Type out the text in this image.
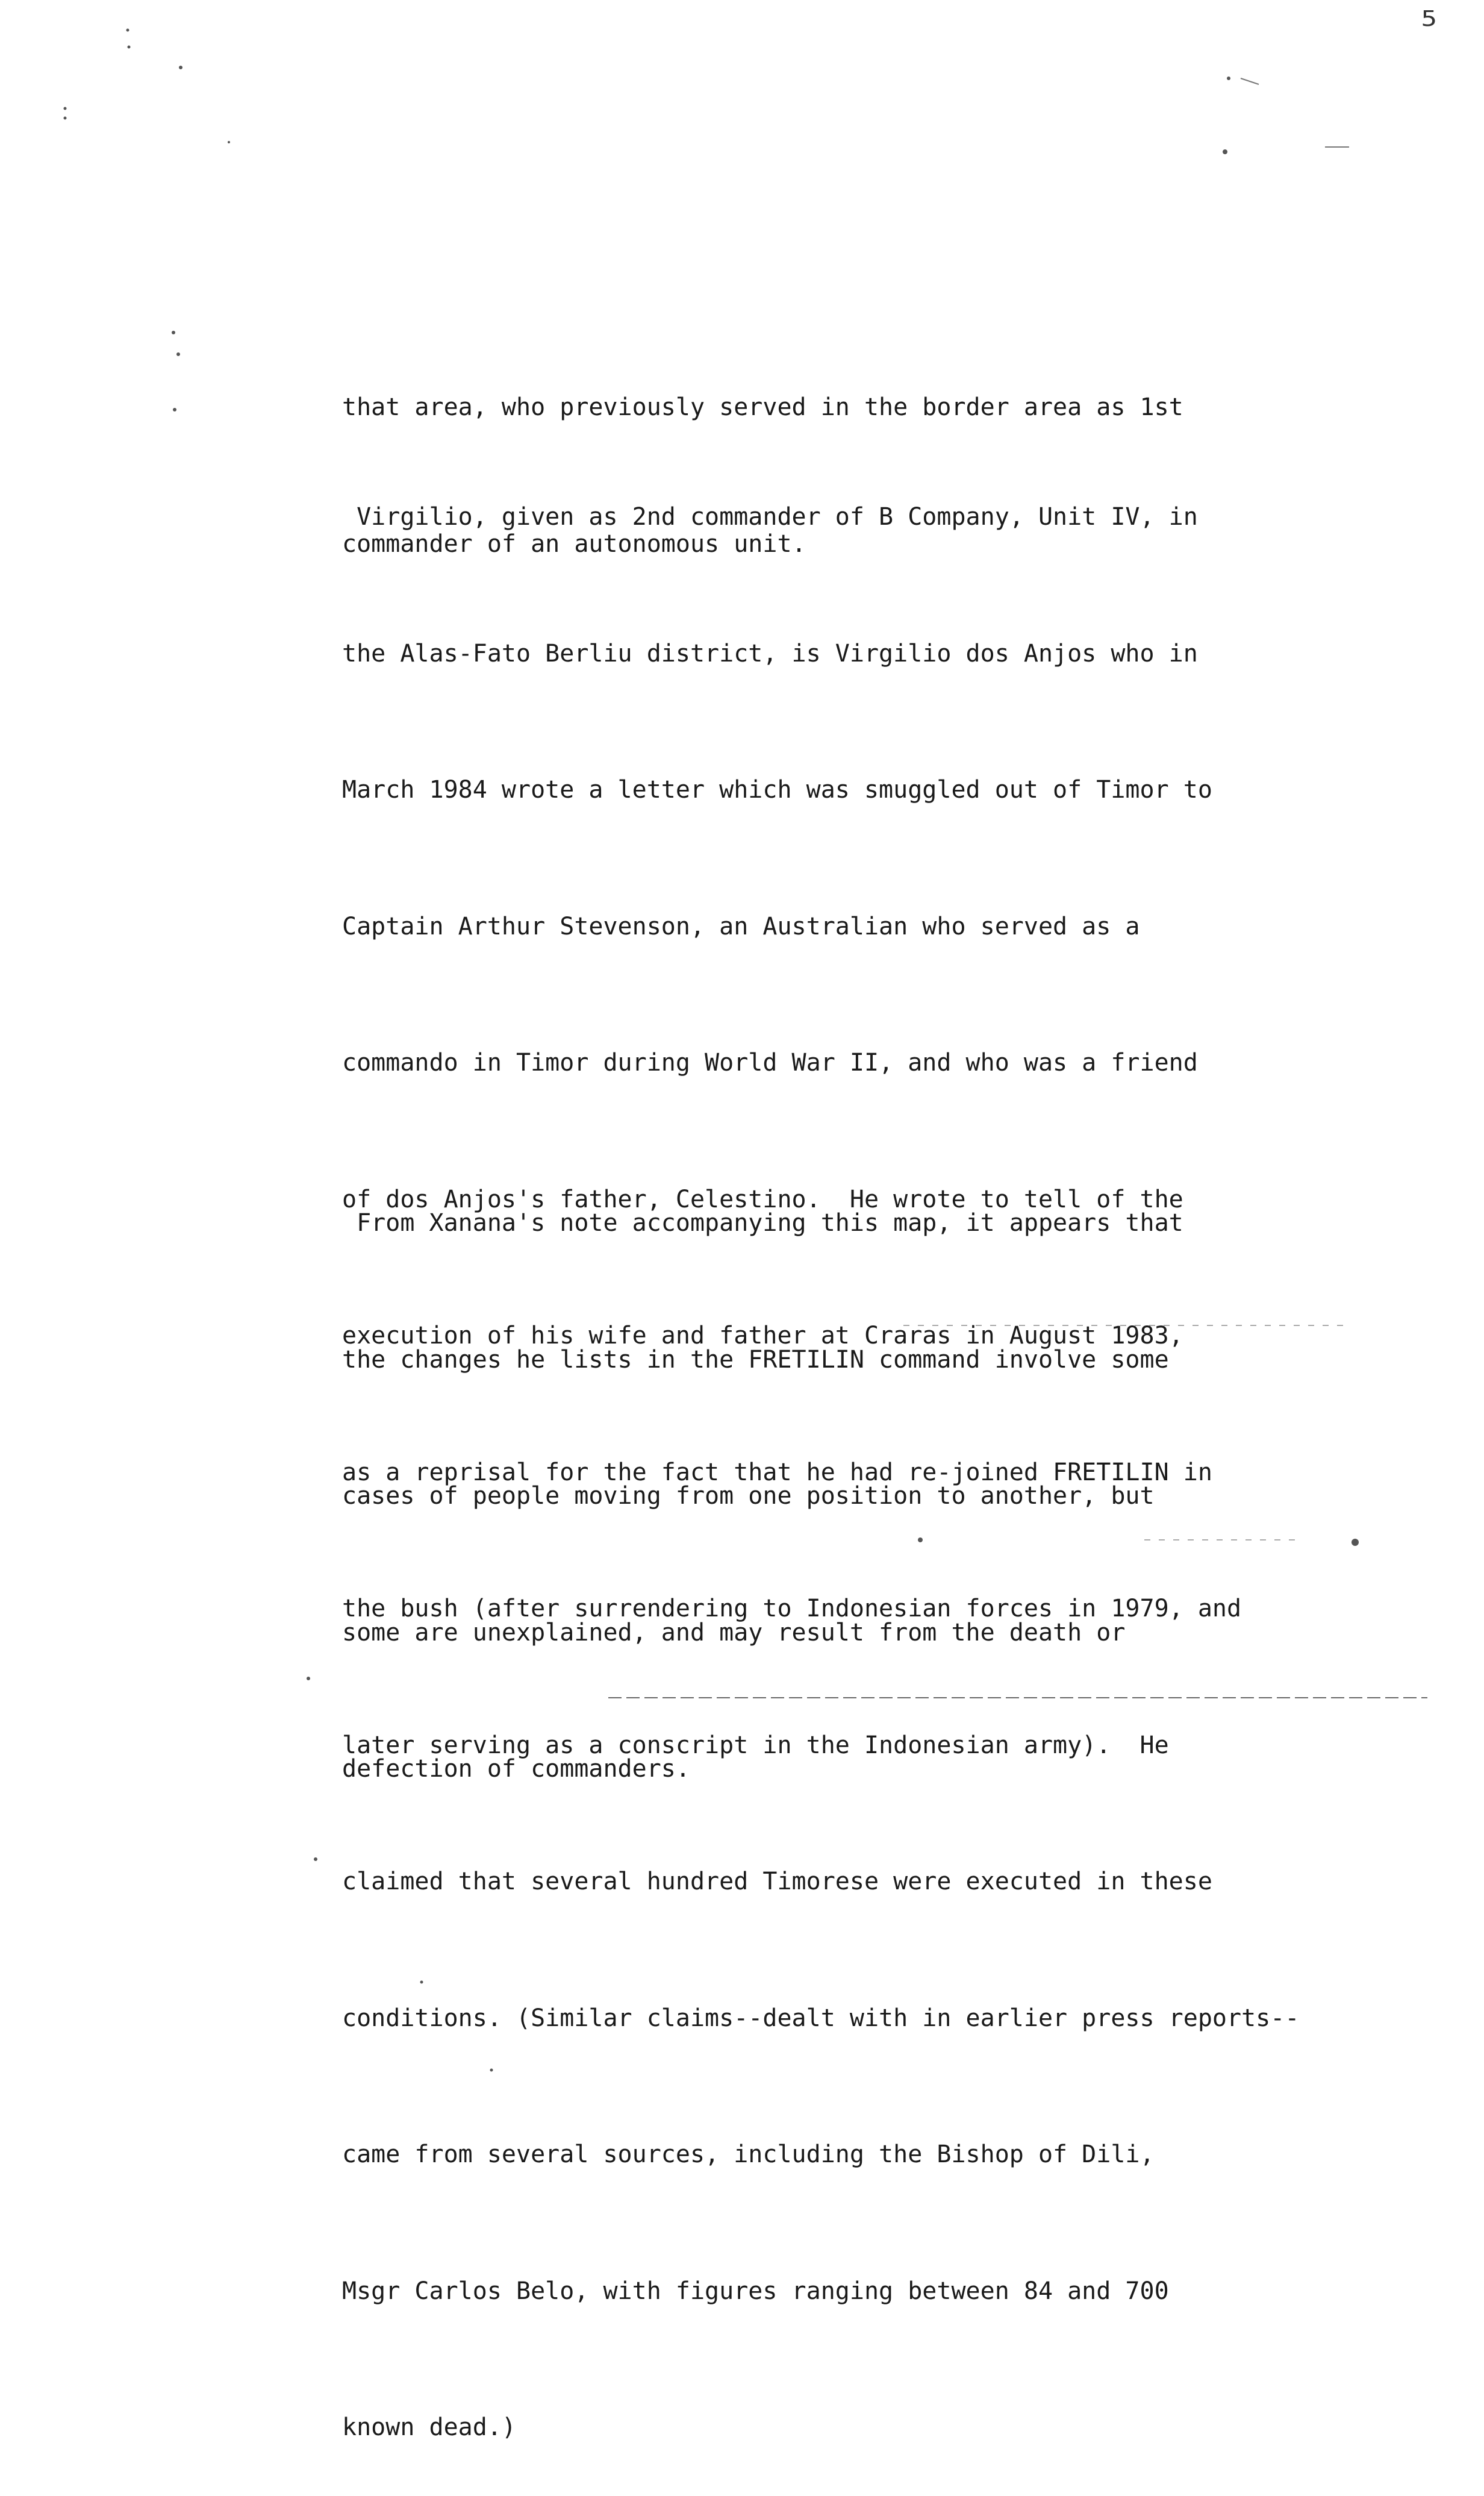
5

that area, who previously served in the border area as 1st

commander of an autonomous unit.

Virgilio, given as 2nd commander of B Company, Unit IV, in

the Alas-Fato Berliu district, is Virgilio dos Anjos who in

March 1984 wrote a letter which was smuggled out of Timor to

Captain Arthur Stevenson, an Australian who served as a

commando in Timor during World War II, and who was a friend

of dos Anjos's father, Celestino.  He wrote to tell of the

execution of his wife and father at Craras in August 1983,

as a reprisal for the fact that he had re-joined FRETILIN in

the bush (after surrendering to Indonesian forces in 1979, and

later serving as a conscript in the Indonesian army).  He

claimed that several hundred Timorese were executed in these

conditions. (Similar claims--dealt with in earlier press reports--

came from several sources, including the Bishop of Dili,

Msgr Carlos Belo, with figures ranging between 84 and 700

known dead.)

From Xanana's note accompanying this map, it appears that

the changes he lists in the FRETILIN command involve some

cases of people moving from one position to another, but

some are unexplained, and may result from the death or

defection of commanders.
